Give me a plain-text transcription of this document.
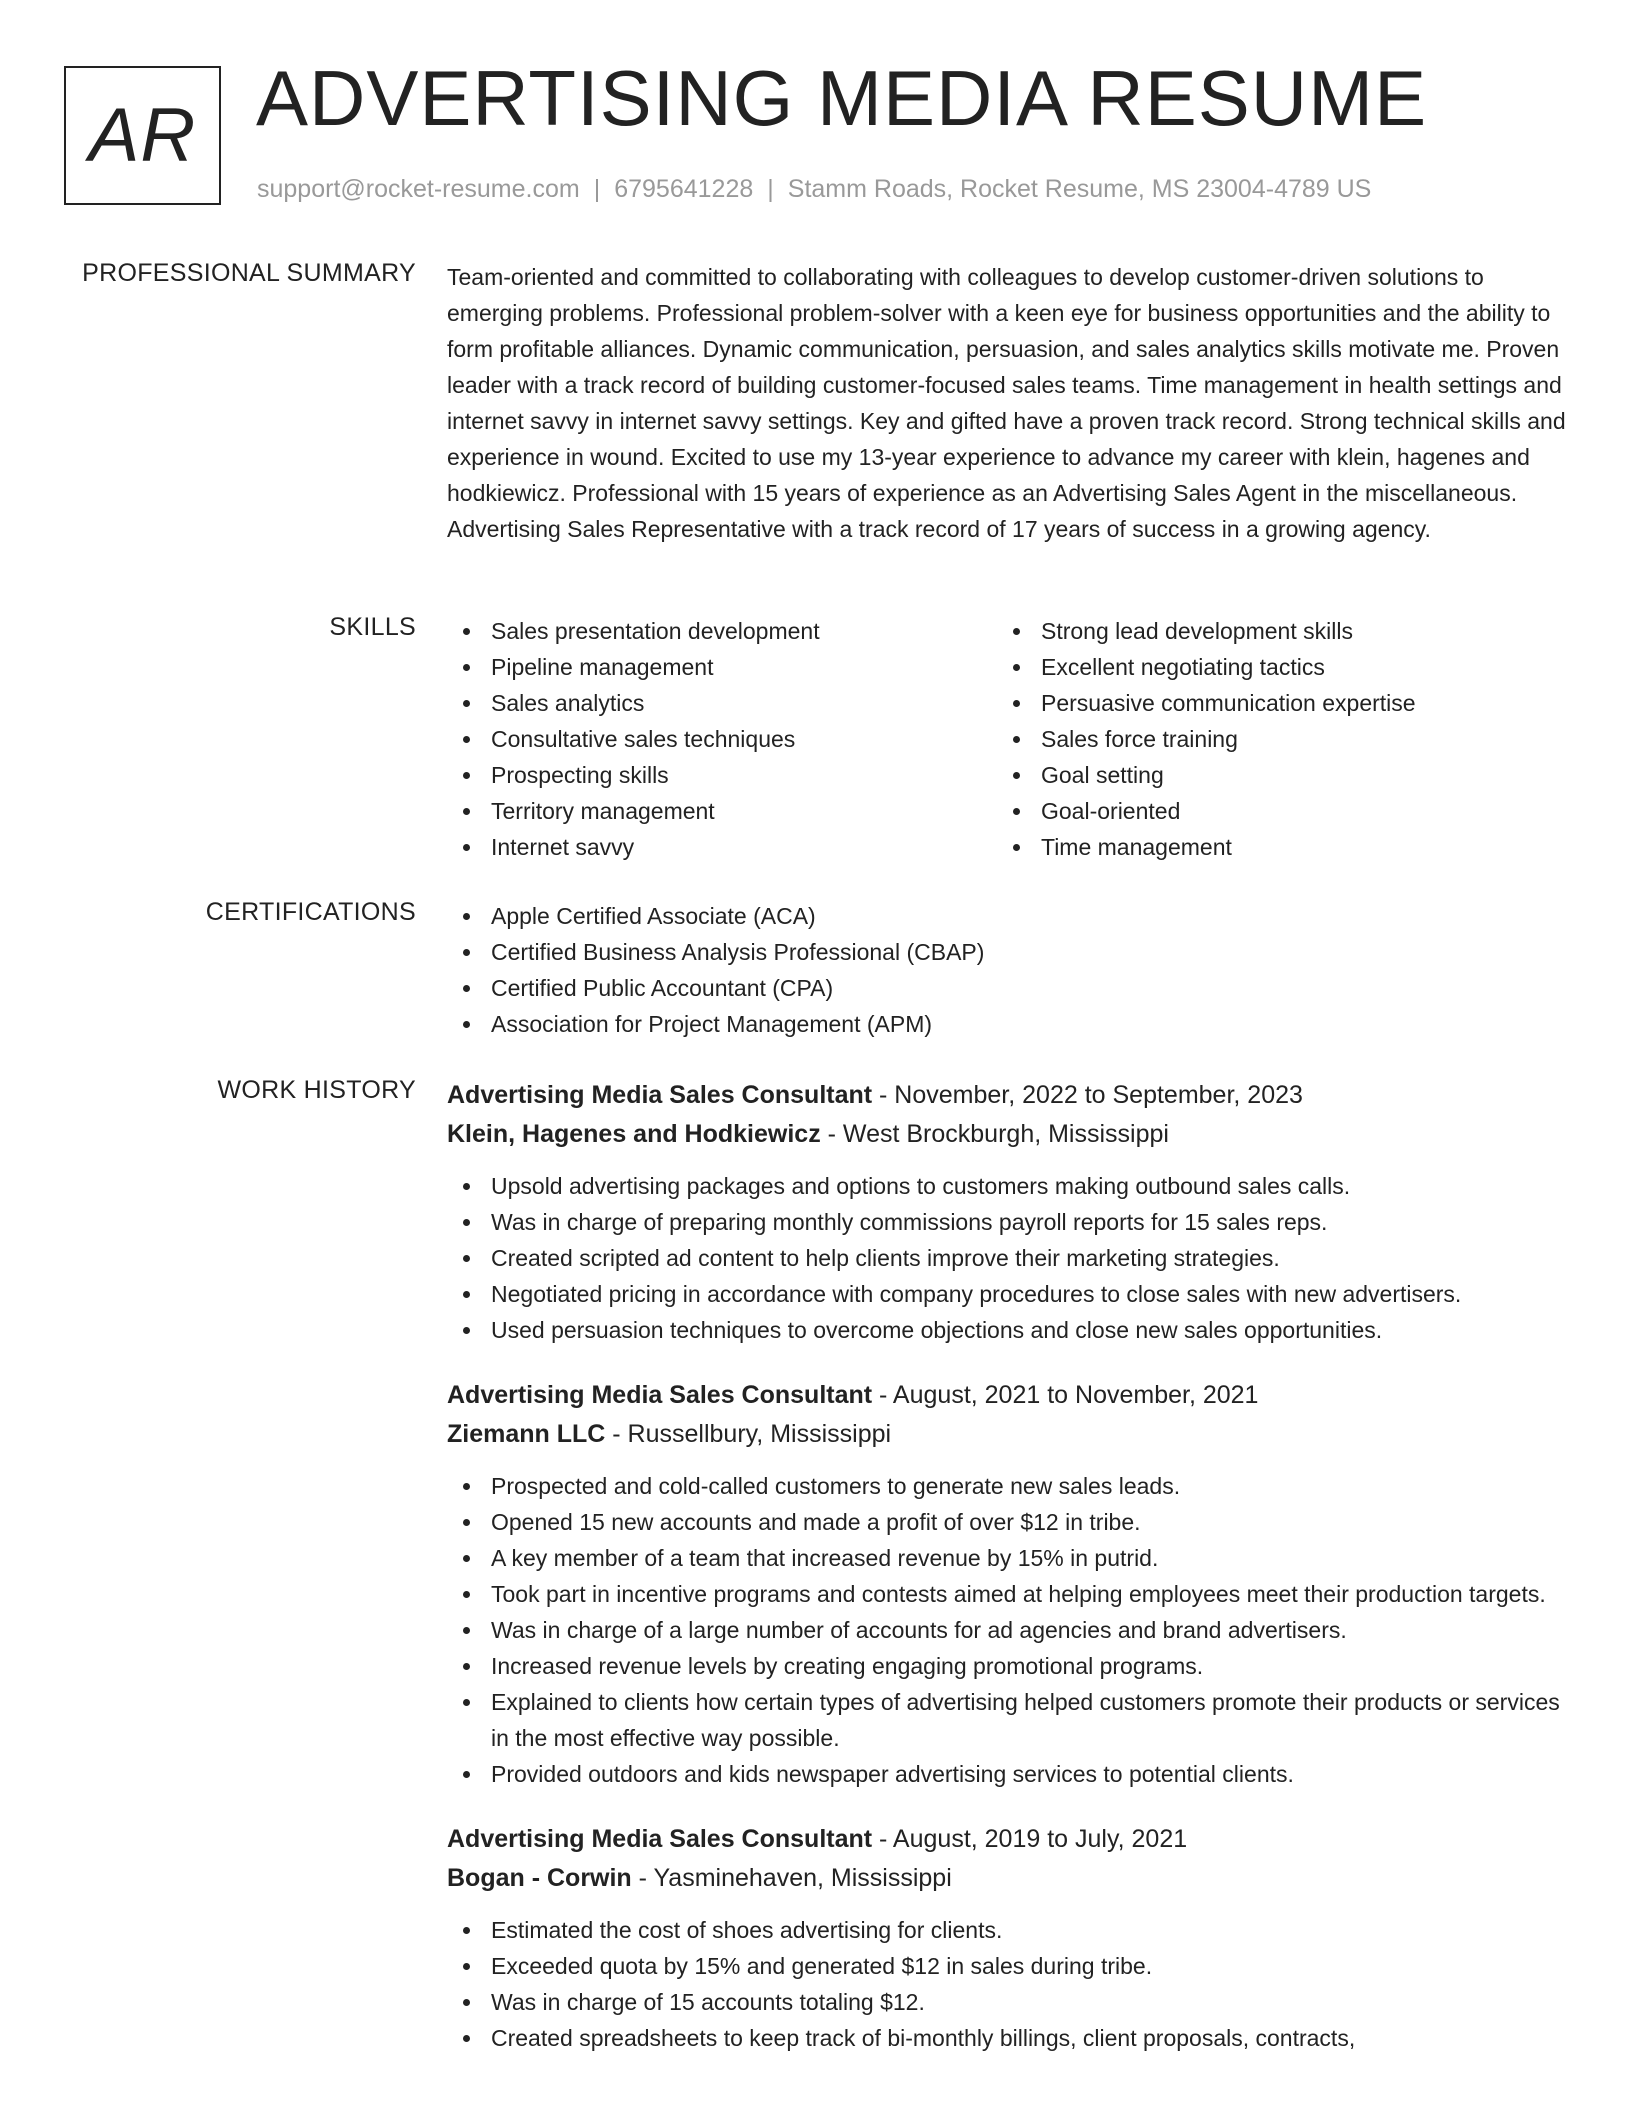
AR ADVERTISING MEDIA RESUME
support@rocket-resume.com | 6795641228 | Stamm Roads, Rocket Resume, MS 23004-4789 US
PROFESSIONAL SUMMARY Team-oriented and committed to collaborating with colleagues to develop customer-driven solutions to emerging problems. Professional problem-solver with a keen eye for business opportunities and the ability to form profitable alliances. Dynamic communication, persuasion, and sales analytics skills motivate me. Proven leader with a track record of building customer-focused sales teams. Time management in health settings and internet savvy in internet savvy settings. Key and gifted have a proven track record. Strong technical skills and experience in wound. Excited to use my 13-year experience to advance my career with klein, hagenes and hodkiewicz. Professional with 15 years of experience as an Advertising Sales Agent in the miscellaneous. Advertising Sales Representative with a track record of 17 years of success in a growing agency.

SKILLS	Sales presentation development
Pipeline management
Sales analytics
Consultative sales techniques
Prospecting skills
Territory management
Internet savvy
Strong lead development skills
Excellent negotiating tactics
Persuasive communication expertise
Sales force training
Goal setting
Goal-oriented
Time management
CERTIFICATIONS	Apple Certified Associate (ACA)
Certified Business Analysis Professional (CBAP)
Certified Public Accountant (CPA)
Association for Project Management (APM)
WORK HISTORY Advertising Media Sales Consultant - November, 2022 to September, 2023
Klein, Hagenes and Hodkiewicz - West Brockburgh, Mississippi
Upsold advertising packages and options to customers making outbound sales calls.
Was in charge of preparing monthly commissions payroll reports for 15 sales reps.
Created scripted ad content to help clients improve their marketing strategies.
Negotiated pricing in accordance with company procedures to close sales with new advertisers.
Used persuasion techniques to overcome objections and close new sales opportunities.
Advertising Media Sales Consultant - August, 2021 to November, 2021
Ziemann LLC - Russellbury, Mississippi
Prospected and cold-called customers to generate new sales leads.
Opened 15 new accounts and made a profit of over $12 in tribe.
A key member of a team that increased revenue by 15% in putrid.
Took part in incentive programs and contests aimed at helping employees meet their production targets.
Was in charge of a large number of accounts for ad agencies and brand advertisers.
Increased revenue levels by creating engaging promotional programs.
Explained to clients how certain types of advertising helped customers promote their products or services in the most effective way possible.
Provided outdoors and kids newspaper advertising services to potential clients.
Advertising Media Sales Consultant - August, 2019 to July, 2021
Bogan - Corwin - Yasminehaven, Mississippi
Estimated the cost of shoes advertising for clients.
Exceeded quota by 15% and generated $12 in sales during tribe.
Was in charge of 15 accounts totaling $12.
Created spreadsheets to keep track of bi-monthly billings, client proposals, contracts,
